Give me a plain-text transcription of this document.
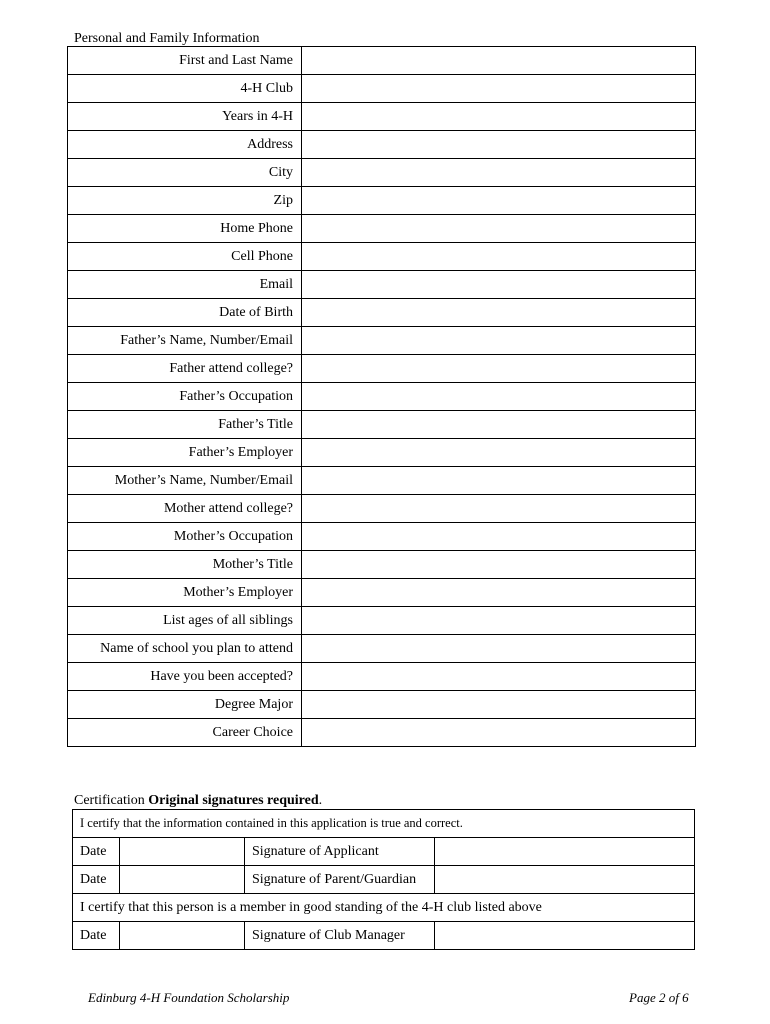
Personal and Family Information
First and Last Name	
4-H Club	
Years in 4-H	
Address	
City	
Zip	
Home Phone	
Cell Phone	
Email	
Date of Birth	
Father’s Name, Number/Email	
Father attend college?	
Father’s Occupation	
Father’s Title	
Father’s Employer	
Mother’s Name, Number/Email	
Mother attend college?	
Mother’s Occupation	
Mother’s Title	
Mother’s Employer	
List ages of all siblings	
Name of school you plan to attend	
Have you been accepted?	
Degree Major	
Career Choice	
Certification Original signatures required.
I certify that the information contained in this application is true and correct.			
Date		Signature of Applicant	
Date		Signature of Parent/Guardian	
I certify that this person is a member in good standing of the 4-H club listed above			
Date		Signature of Club Manager	
Edinburg 4-H Foundation Scholarship	Page 2 of 6
